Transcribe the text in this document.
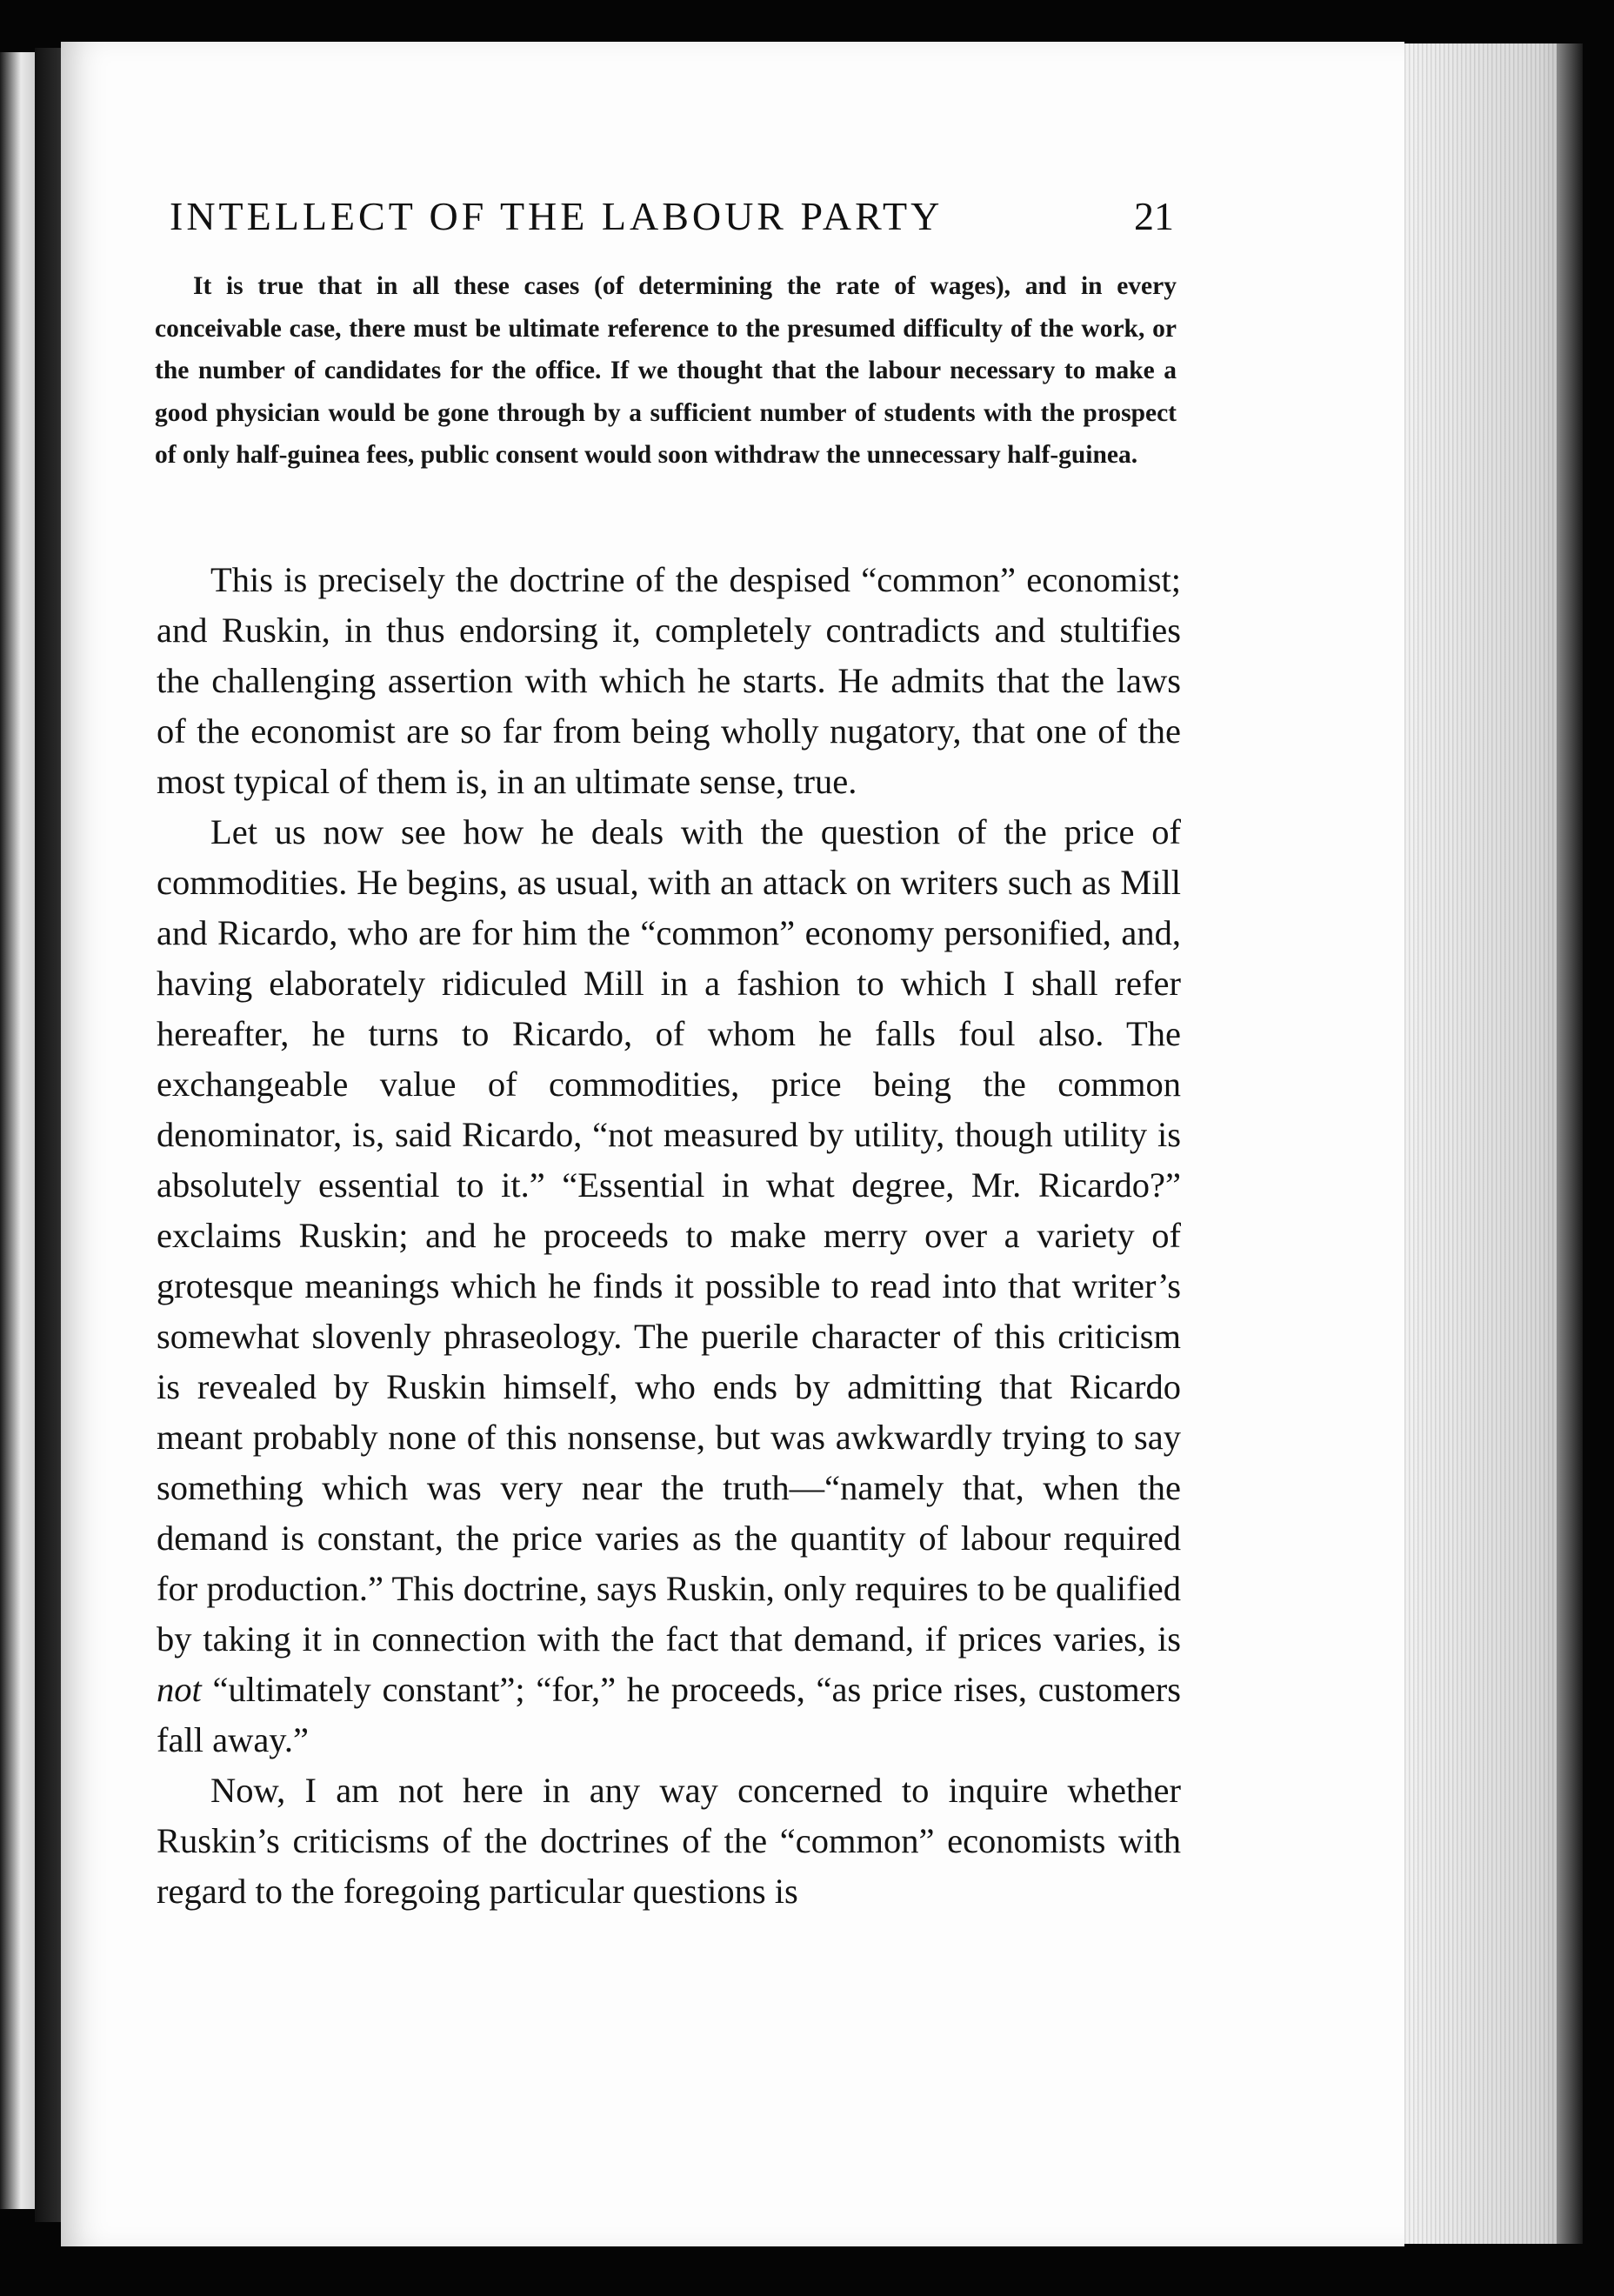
INTELLECT OF THE LABOUR PARTY	21

It is true that in all these cases (of determining the rate of wages), and in every conceivable case, there must be ultimate reference to the presumed difficulty of the work, or the number of candidates for the office. If we thought that the labour necessary to make a good physician would be gone through by a sufficient number of students with the prospect of only half-guinea fees, public consent would soon withdraw the unnecessary half-guinea.

This is precisely the doctrine of the despised “common” economist; and Ruskin, in thus endorsing it, completely contradicts and stultifies the challenging assertion with which he starts. He admits that the laws of the economist are so far from being wholly nugatory, that one of the most typical of them is, in an ultimate sense, true.

Let us now see how he deals with the question of the price of commodities. He begins, as usual, with an attack on writers such as Mill and Ricardo, who are for him the “common” economy personified, and, having elaborately ridiculed Mill in a fashion to which I shall refer hereafter, he turns to Ricardo, of whom he falls foul also. The exchangeable value of commodities, price being the common denominator, is, said Ricardo, “not measured by utility, though utility is absolutely essential to it.” “Essential in what degree, Mr. Ricardo?” exclaims Ruskin; and he proceeds to make merry over a variety of grotesque meanings which he finds it possible to read into that writer’s somewhat slovenly phraseology. The puerile character of this criticism is revealed by Ruskin himself, who ends by admitting that Ricardo meant probably none of this nonsense, but was awkwardly trying to say something which was very near the truth—“namely that, when the demand is constant, the price varies as the quantity of labour required for production.” This doctrine, says Ruskin, only requires to be qualified by taking it in connection with the fact that demand, if prices varies, is not “ultimately constant”; “for,” he proceeds, “as price rises, customers fall away.”

Now, I am not here in any way concerned to inquire whether Ruskin’s criticisms of the doctrines of the “common” economists with regard to the foregoing particular questions is
